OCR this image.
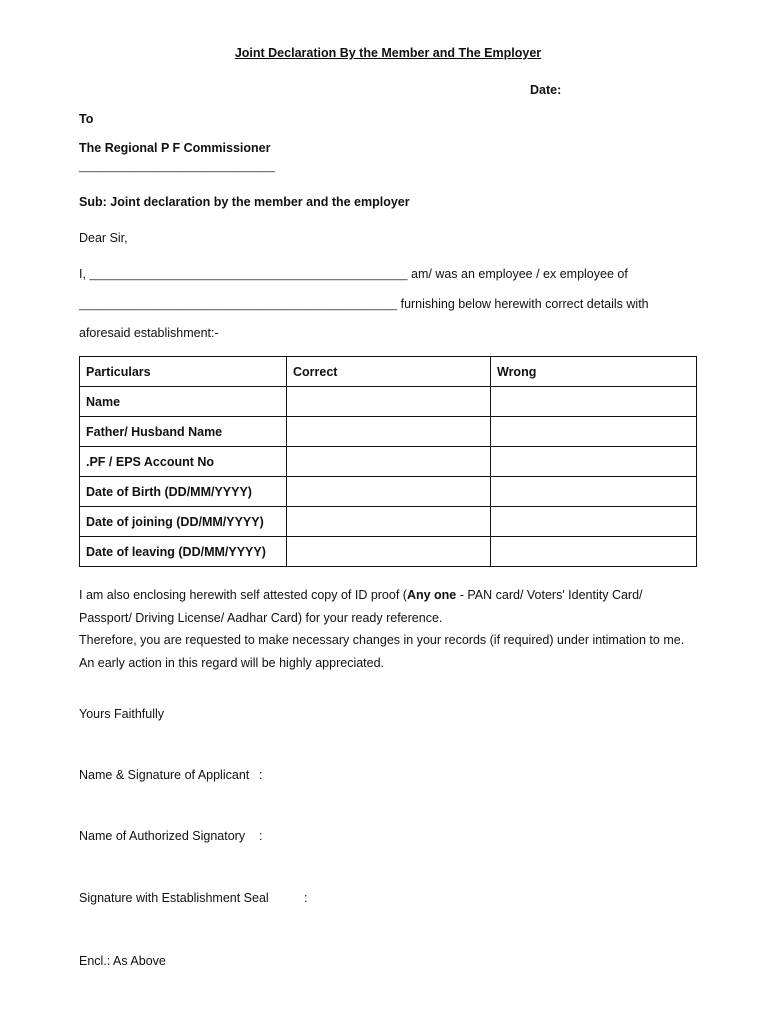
Joint Declaration By the Member and The Employer
Date:
To
The Regional P F Commissioner
________________________________
Sub: Joint declaration by the member and the employer
Dear Sir,
I, ____________________________________________________ am/ was an employee / ex employee of
____________________________________________________ furnishing below herewith correct details with
aforesaid establishment:-
Particulars	Correct	Wrong
Name		
Father/ Husband Name		
.PF / EPS Account No		
Date of Birth (DD/MM/YYYY)		
Date of joining (DD/MM/YYYY)		
Date of leaving (DD/MM/YYYY)		
I am also enclosing herewith self attested copy of ID proof (Any one - PAN card/ Voters' Identity Card/
Passport/ Driving License/ Aadhar Card) for your ready reference.
Therefore, you are requested to make necessary changes in your records (if required) under intimation to me.
An early action in this regard will be highly appreciated.
Yours Faithfully
Name & Signature of Applicant :
Name of Authorized Signatory :
Signature with Establishment Seal	:
Encl.: As Above
